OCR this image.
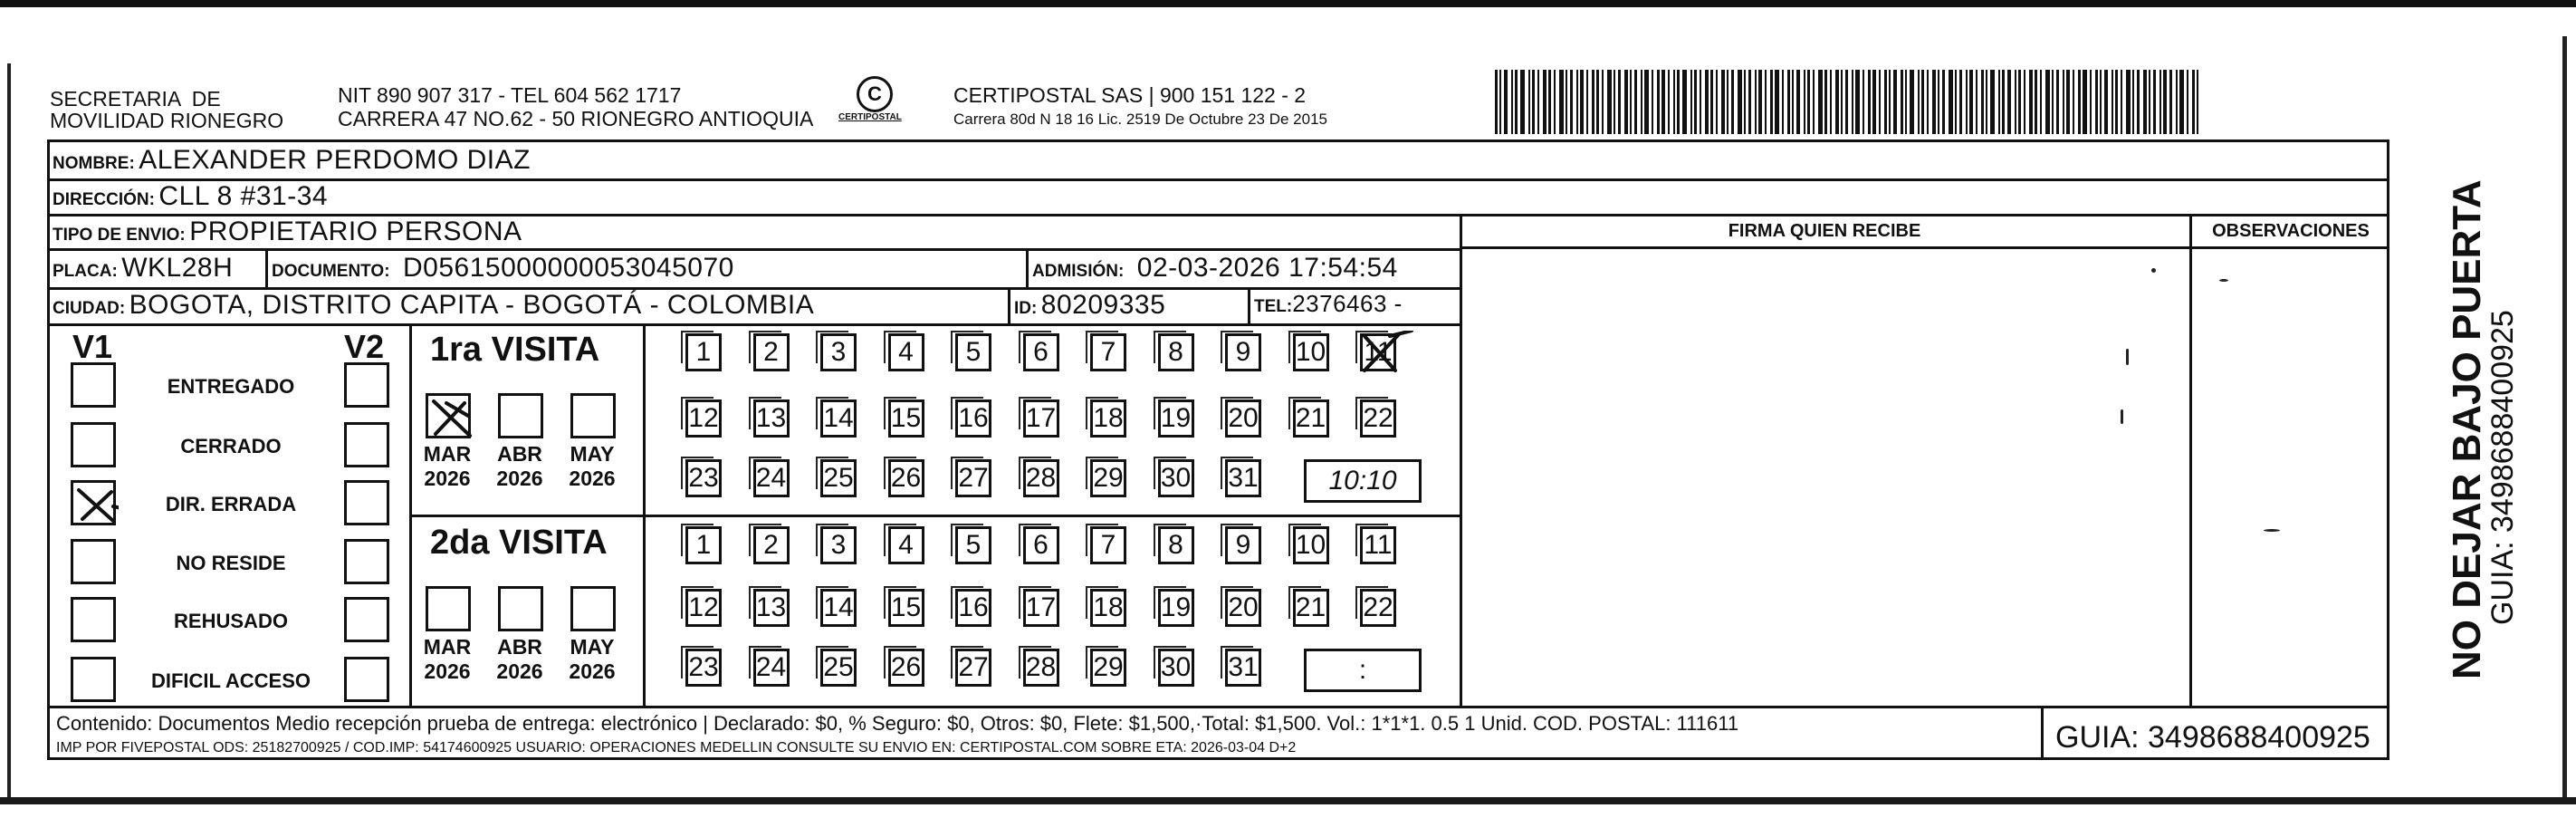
SECRETARIA  DE
MOVILIDAD RIONEGRO
NIT 890 907 317 - TEL 604 562 1717
CARRERA 47 NO.62 - 50 RIONEGRO ANTIOQUIA
C
CERTIPOSTAL
CERTIPOSTAL SAS | 900 151 122 - 2
Carrera 80d N 18 16 Lic. 2519 De Octubre 23 De 2015
NOMBRE: ALEXANDER PERDOMO DIAZ
DIRECCIÓN: CLL 8 #31-34
TIPO DE ENVIO: PROPIETARIO PERSONA	FIRMA QUIEN RECIBE	OBSERVACIONES
PLACA: WKL28H DOCUMENTO: D056150000000530450​70	ADMISIÓN: 02-03-2026 17:54:54
CIUDAD: BOGOTA, DISTRITO CAPITA - BOGOTÁ - COLOMBIA	ID: 80209335	TEL:2376463 -
V1	V2
ENTREGADO
CERRADO
DIR. ERRADA
NO RESIDE
REHUSADO
DIFICIL ACCESO
1ra VISITA
2da VISITA
MAR
2026
ABR
2026
MAY
2026
MAR
2026
ABR
2026
MAY
2026
1	2	3	4	5	6	7	8	9	10 11
12 13 14 15 16 17 18 19 20 21 22
23 24 25 26 27 28 29 30 31	10:10
1	2	3	4	5	6	7	8	9	10 11
12 13 14 15 16 17 18 19 20 21 22
23 24 25 26 27 28 29 30 31	:
Contenido: Documentos Medio recepción prueba de entrega: electrónico | Declarado: $0, % Seguro: $0, Otros: $0, Flete: $1,500,·Total: $1,500. Vol.: 1*1*1. 0.5 1 Unid. COD. POSTAL: 111611
IMP POR FIVEPOSTAL ODS: 25182700925 / COD.IMP: 54174600925 USUARIO: OPERACIONES MEDELLIN CONSULTE SU ENVIO EN: CERTIPOSTAL.COM SOBRE ETA: 2026-03-04 D+2	GUIA: 3498688400925
NO DEJAR BAJO PUERTA
GUIA: 3498688400925
